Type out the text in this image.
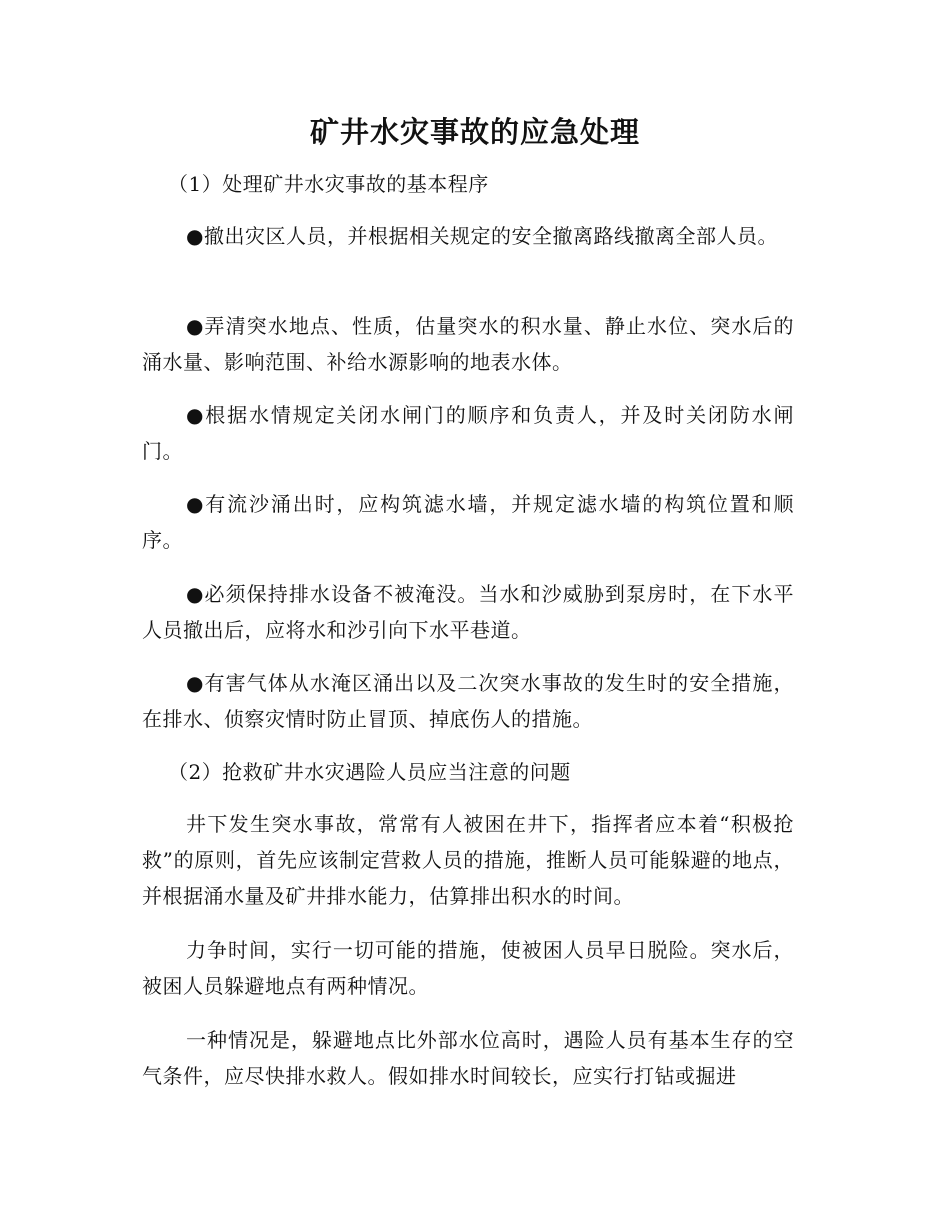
矿井水灾事故的应急处理

（1）处理矿井水灾事故的基本程序

●撤出灾区人员，并根据相关规定的安全撤离路线撤离全部人员。

●弄清突水地点、性质，估量突水的积水量、静止水位、突水后的涌水量、影响范围、补给水源影响的地表水体。

●根据水情规定关闭水闸门的顺序和负责人，并及时关闭防水闸门。

●有流沙涌出时，应构筑滤水墙，并规定滤水墙的构筑位置和顺序。

●必须保持排水设备不被淹没。当水和沙威胁到泵房时，在下水平人员撤出后，应将水和沙引向下水平巷道。

●有害气体从水淹区涌出以及二次突水事故的发生时的安全措施，在排水、侦察灾情时防止冒顶、掉底伤人的措施。

（2）抢救矿井水灾遇险人员应当注意的问题

井下发生突水事故，常常有人被困在井下，指挥者应本着“积极抢救”的原则，首先应该制定营救人员的措施，推断人员可能躲避的地点，并根据涌水量及矿井排水能力，估算排出积水的时间。

力争时间，实行一切可能的措施，使被困人员早日脱险。突水后，被困人员躲避地点有两种情况。

一种情况是，躲避地点比外部水位高时，遇险人员有基本生存的空气条件，应尽快排水救人。假如排水时间较长，应实行打钻或掘进
